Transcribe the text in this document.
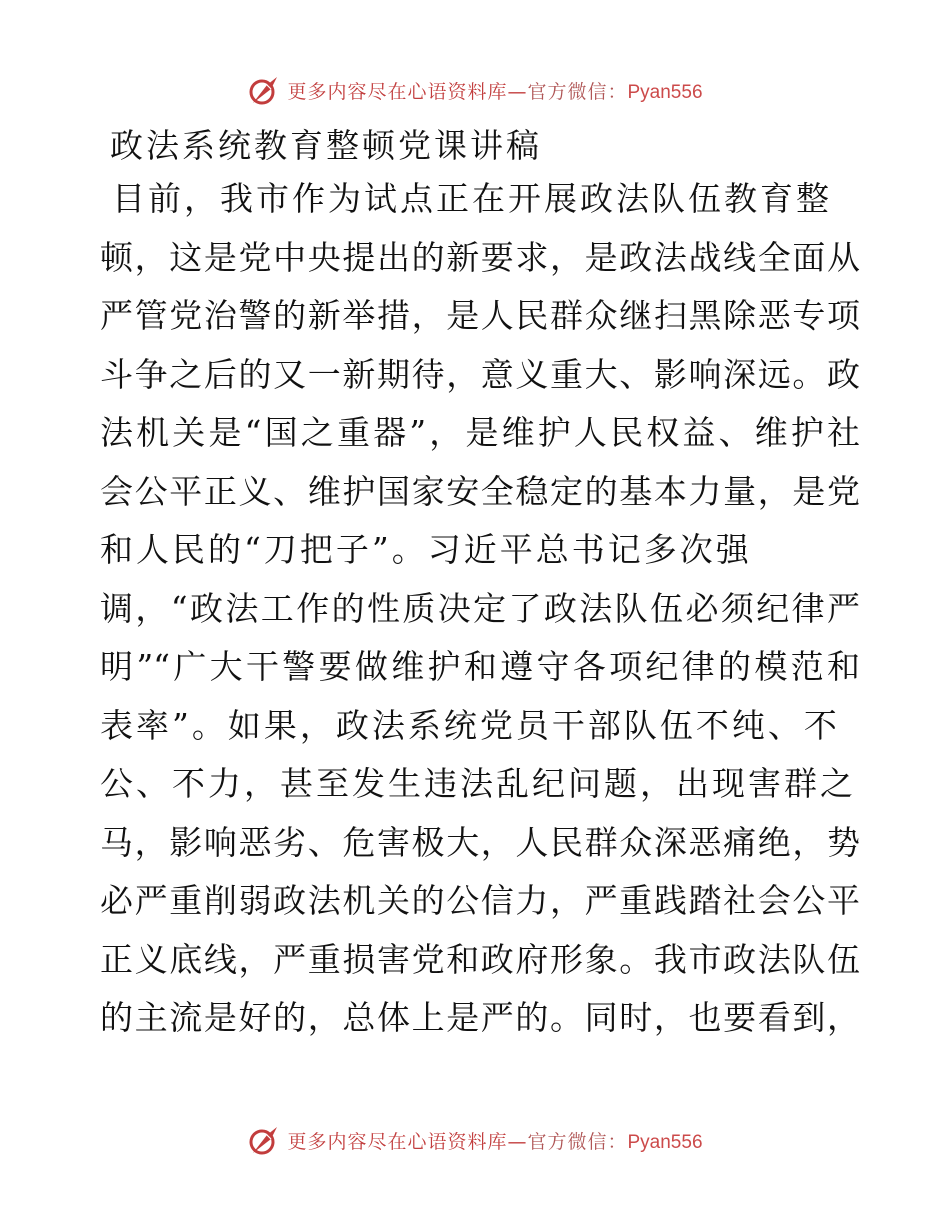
更多内容尽在心语资料库—官方微信：Pyan556
政法系统教育整顿党课讲稿
目前，我市作为试点正在开展政法队伍教育整
顿，这是党中央提出的新要求，是政法战线全面从
严管党治警的新举措，是人民群众继扫黑除恶专项
斗争之后的又一新期待，意义重大、影响深远。政
法机关是“国之重器”，是维护人民权益、维护社
会公平正义、维护国家安全稳定的基本力量，是党
和人民的“刀把子”。习近平总书记多次强
调，“政法工作的性质决定了政法队伍必须纪律严
明”“广大干警要做维护和遵守各项纪律的模范和
表率”。如果，政法系统党员干部队伍不纯、不
公、不力，甚至发生违法乱纪问题，出现害群之
马，影响恶劣、危害极大，人民群众深恶痛绝，势
必严重削弱政法机关的公信力，严重践踏社会公平
正义底线，严重损害党和政府形象。我市政法队伍
的主流是好的，总体上是严的。同时，也要看到，
更多内容尽在心语资料库—官方微信：Pyan556
